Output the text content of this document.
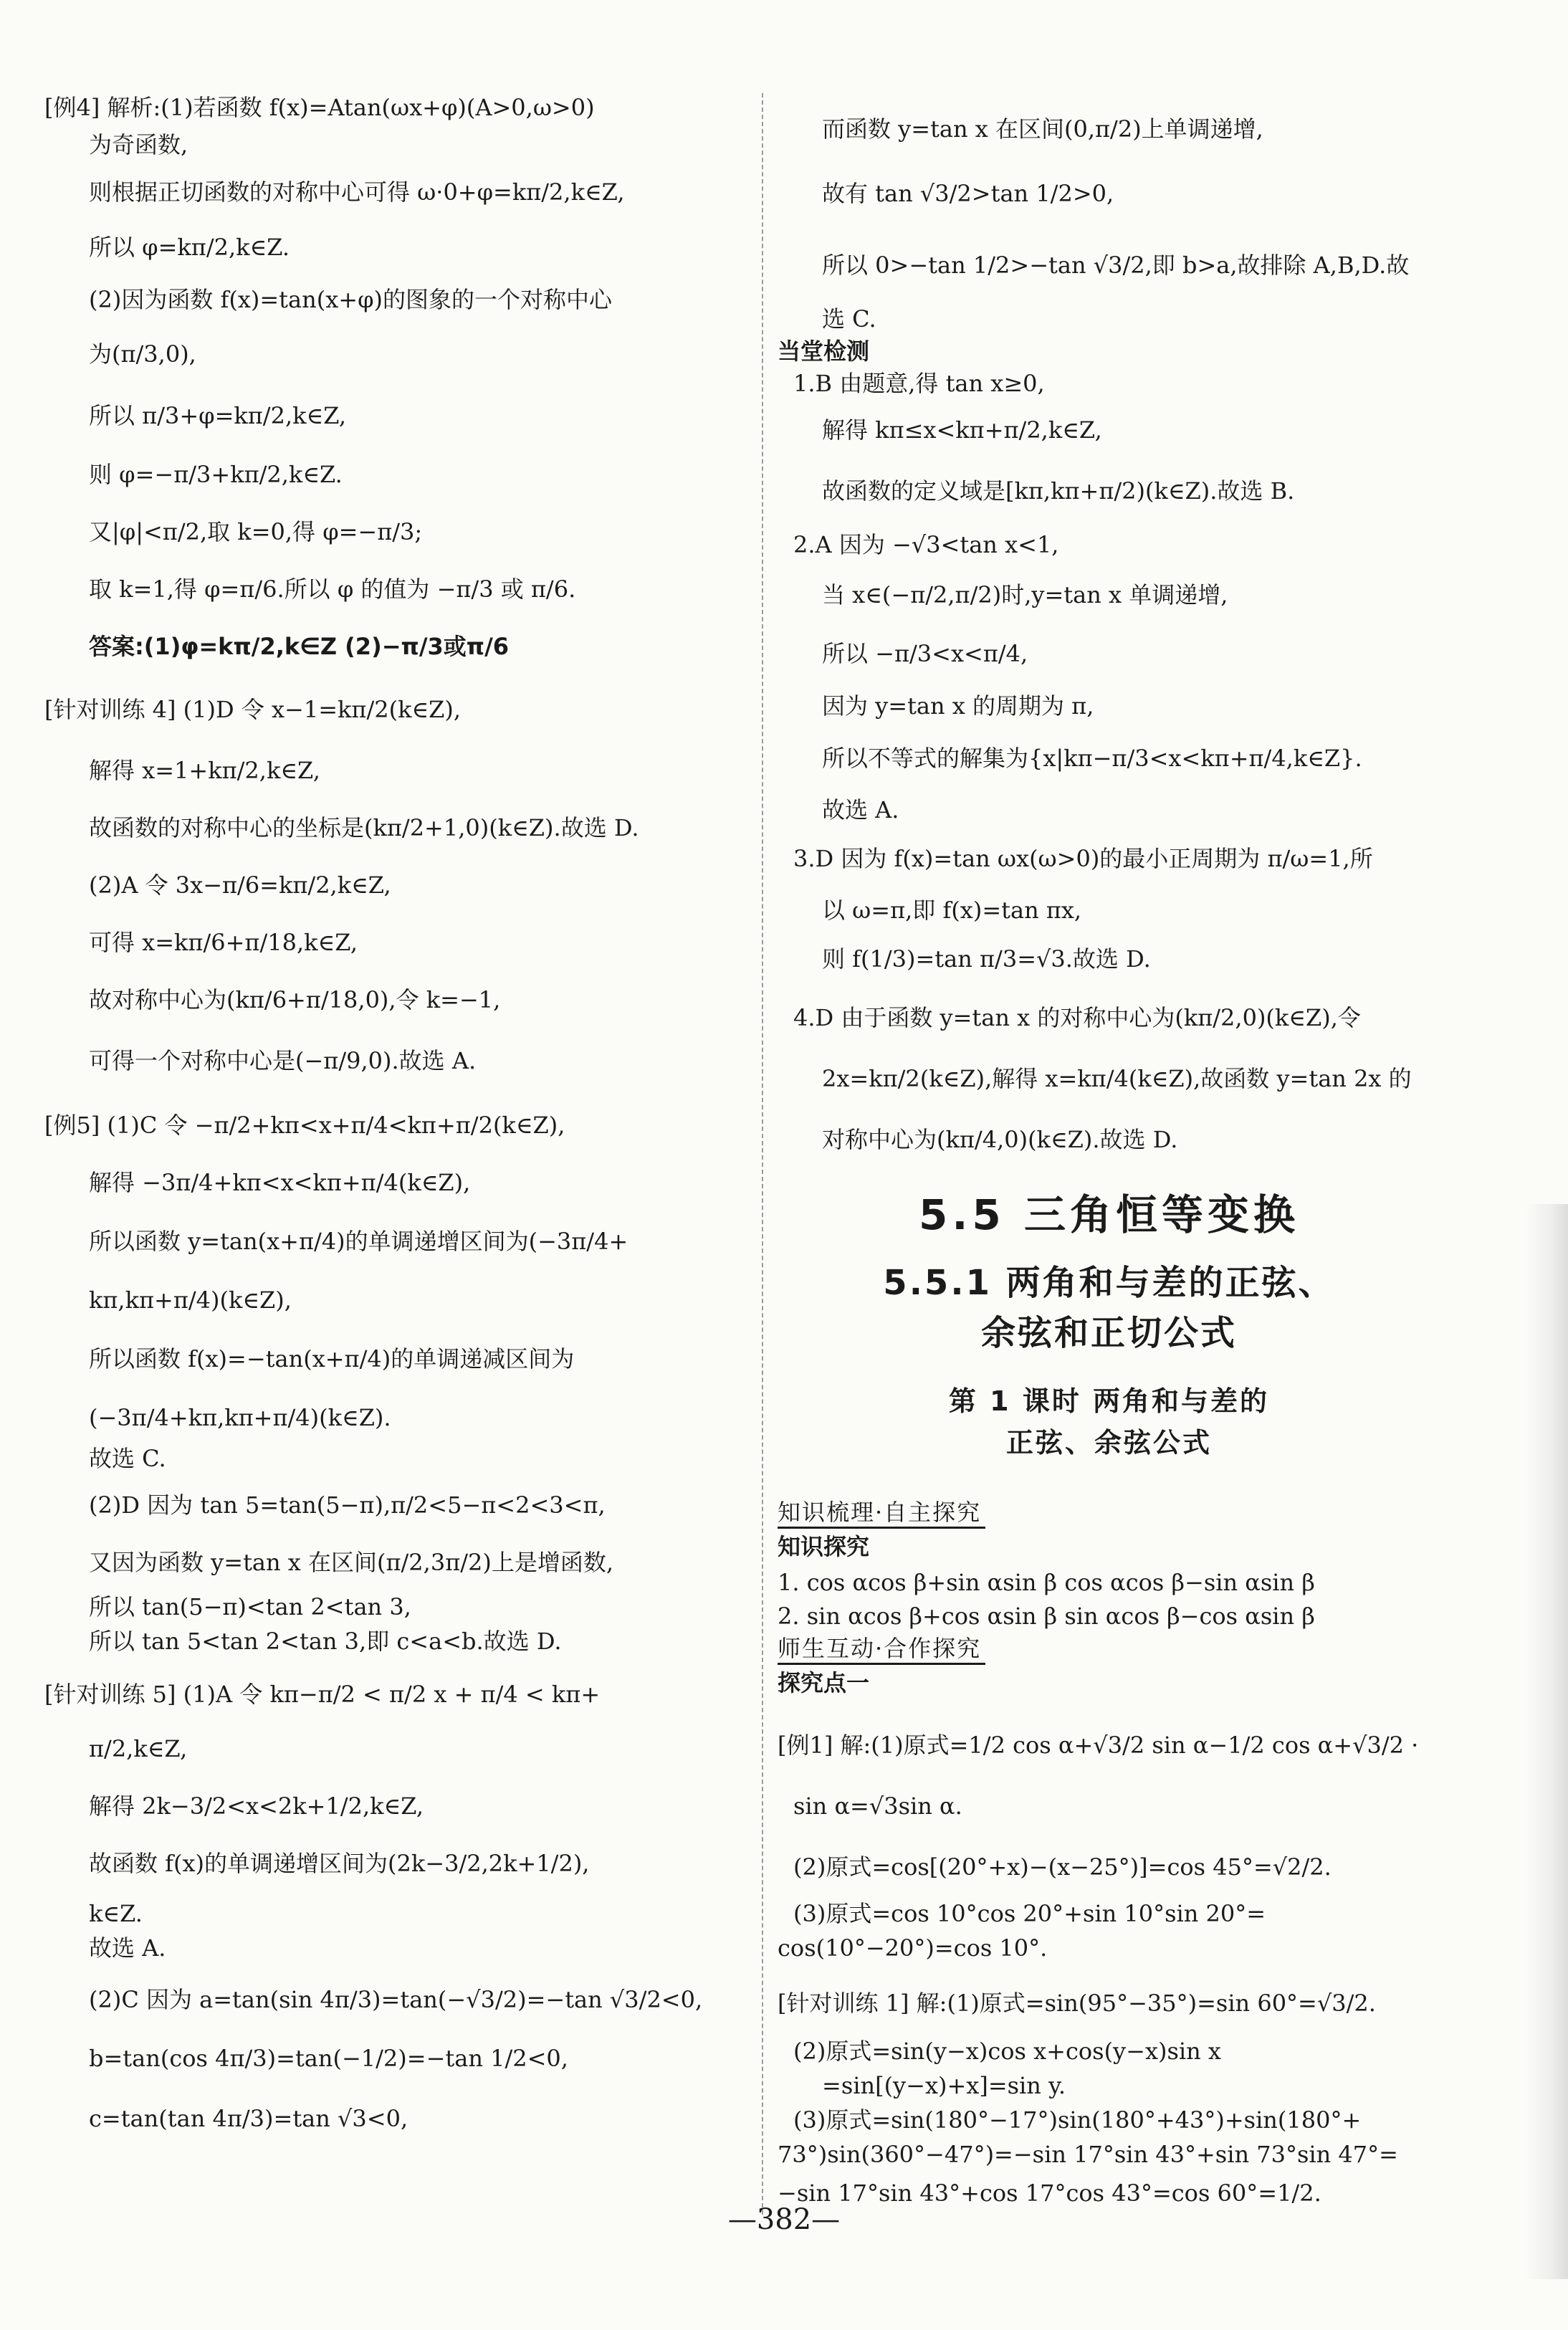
[例4] 解析:(1)若函数 f(x)=Atan(ωx+φ)(A>0,ω>0)
为奇函数,
则根据正切函数的对称中心可得 ω·0+φ=kπ/2,k∈Z,
所以 φ=kπ/2,k∈Z.
(2)因为函数 f(x)=tan(x+φ)的图象的一个对称中心
为(π/3,0),
所以 π/3+φ=kπ/2,k∈Z,
则 φ=−π/3+kπ/2,k∈Z.
又|φ|<π/2,取 k=0,得 φ=−π/3;
取 k=1,得 φ=π/6.所以 φ 的值为 −π/3 或 π/6.
答案:(1)φ=kπ/2,k∈Z (2)−π/3或π/6
[针对训练 4] (1)D 令 x−1=kπ/2(k∈Z),
解得 x=1+kπ/2,k∈Z,
故函数的对称中心的坐标是(kπ/2+1,0)(k∈Z).故选 D.
(2)A 令 3x−π/6=kπ/2,k∈Z,
可得 x=kπ/6+π/18,k∈Z,
故对称中心为(kπ/6+π/18,0),令 k=−1,
可得一个对称中心是(−π/9,0).故选 A.
[例5] (1)C 令 −π/2+kπ<x+π/4<kπ+π/2(k∈Z),
解得 −3π/4+kπ<x<kπ+π/4(k∈Z),
所以函数 y=tan(x+π/4)的单调递增区间为(−3π/4+
kπ,kπ+π/4)(k∈Z),
所以函数 f(x)=−tan(x+π/4)的单调递减区间为
(−3π/4+kπ,kπ+π/4)(k∈Z).
故选 C.
(2)D 因为 tan 5=tan(5−π),π/2<5−π<2<3<π,
又因为函数 y=tan x 在区间(π/2,3π/2)上是增函数,
所以 tan(5−π)<tan 2<tan 3,
所以 tan 5<tan 2<tan 3,即 c<a<b.故选 D.
[针对训练 5] (1)A 令 kπ−π/2 < π/2 x + π/4 < kπ+
π/2,k∈Z,
解得 2k−3/2<x<2k+1/2,k∈Z,
故函数 f(x)的单调递增区间为(2k−3/2,2k+1/2),
k∈Z.
故选 A.
(2)C 因为 a=tan(sin 4π/3)=tan(−√3/2)=−tan √3/2<0,
b=tan(cos 4π/3)=tan(−1/2)=−tan 1/2<0,
c=tan(tan 4π/3)=tan √3<0,
而函数 y=tan x 在区间(0,π/2)上单调递增,
故有 tan √3/2>tan 1/2>0,
所以 0>−tan 1/2>−tan √3/2,即 b>a,故排除 A,B,D.故
选 C.
当堂检测
1.B 由题意,得 tan x≥0,
解得 kπ≤x<kπ+π/2,k∈Z,
故函数的定义域是[kπ,kπ+π/2)(k∈Z).故选 B.
2.A 因为 −√3<tan x<1,
当 x∈(−π/2,π/2)时,y=tan x 单调递增,
所以 −π/3<x<π/4,
因为 y=tan x 的周期为 π,
所以不等式的解集为{x|kπ−π/3<x<kπ+π/4,k∈Z}.
故选 A.
3.D 因为 f(x)=tan ωx(ω>0)的最小正周期为 π/ω=1,所
以 ω=π,即 f(x)=tan πx,
则 f(1/3)=tan π/3=√3.故选 D.
4.D 由于函数 y=tan x 的对称中心为(kπ/2,0)(k∈Z),令
2x=kπ/2(k∈Z),解得 x=kπ/4(k∈Z),故函数 y=tan 2x 的
对称中心为(kπ/4,0)(k∈Z).故选 D.
5.5 三角恒等变换
5.5.1 两角和与差的正弦、
余弦和正切公式
第 1 课时 两角和与差的
正弦、余弦公式
知识梳理·自主探究
知识探究
1. cos αcos β+sin αsin β cos αcos β−sin αsin β
2. sin αcos β+cos αsin β sin αcos β−cos αsin β
师生互动·合作探究
探究点一
[例1] 解:(1)原式=1/2 cos α+√3/2 sin α−1/2 cos α+√3/2 ·
sin α=√3sin α.
(2)原式=cos[(20°+x)−(x−25°)]=cos 45°=√2/2.
(3)原式=cos 10°cos 20°+sin 10°sin 20°=
cos(10°−20°)=cos 10°.
[针对训练 1] 解:(1)原式=sin(95°−35°)=sin 60°=√3/2.
(2)原式=sin(y−x)cos x+cos(y−x)sin x
=sin[(y−x)+x]=sin y.
(3)原式=sin(180°−17°)sin(180°+43°)+sin(180°+
73°)sin(360°−47°)=−sin 17°sin 43°+sin 73°sin 47°=
−sin 17°sin 43°+cos 17°cos 43°=cos 60°=1/2.
—382—
